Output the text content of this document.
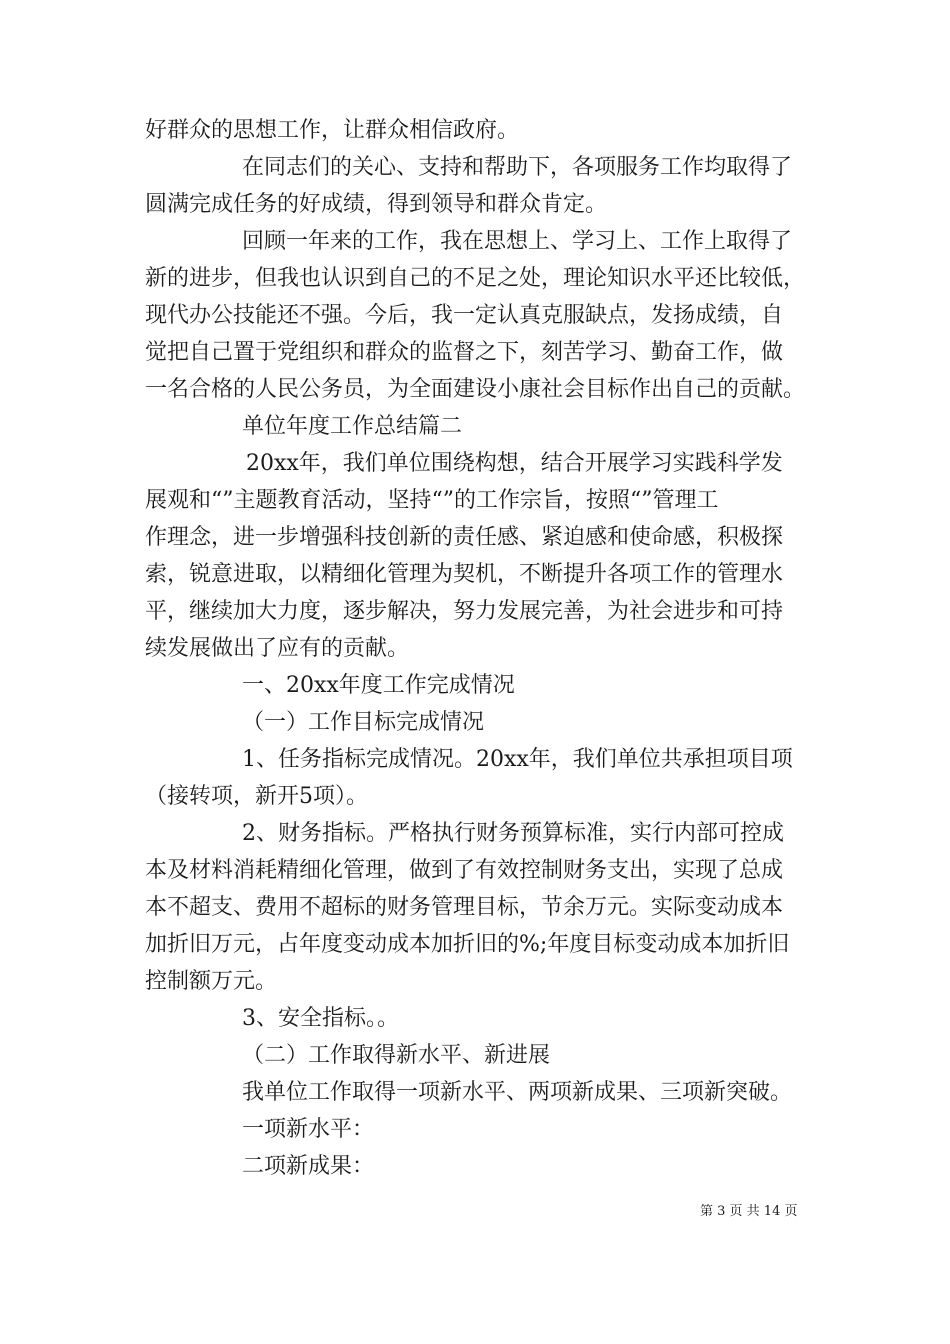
好群众的思想工作，让群众相信政府。

在同志们的关心、支持和帮助下，各项服务工作均取得了

圆满完成任务的好成绩，得到领导和群众肯定。

回顾一年来的工作，我在思想上、学习上、工作上取得了

新的进步，但我也认识到自己的不足之处，理论知识水平还比较低，

现代办公技能还不强。今后，我一定认真克服缺点，发扬成绩，自

觉把自己置于党组织和群众的监督之下，刻苦学习、勤奋工作，做

一名合格的人民公务员，为全面建设小康社会目标作出自己的贡献。

单位年度工作总结篇二

20xx年，我们单位围绕构想，结合开展学习实践科学发

展观和“”主题教育活动，坚持“”的工作宗旨，按照“”管理工

作理念，进一步增强科技创新的责任感、紧迫感和使命感，积极探

索，锐意进取，以精细化管理为契机，不断提升各项工作的管理水

平，继续加大力度，逐步解决，努力发展完善，为社会进步和可持

续发展做出了应有的贡献。

一、20xx年度工作完成情况

（一）工作目标完成情况

1、任务指标完成情况。20xx年，我们单位共承担项目项

（接转项，新开5项）。

2、财务指标。严格执行财务预算标准，实行内部可控成

本及材料消耗精细化管理，做到了有效控制财务支出，实现了总成

本不超支、费用不超标的财务管理目标，节余万元。实际变动成本

加折旧万元，占年度变动成本加折旧的%;年度目标变动成本加折旧

控制额万元。

3、安全指标。。

（二）工作取得新水平、新进展

我单位工作取得一项新水平、两项新成果、三项新突破。

一项新水平：

二项新成果：

第 3 页 共 14 页
